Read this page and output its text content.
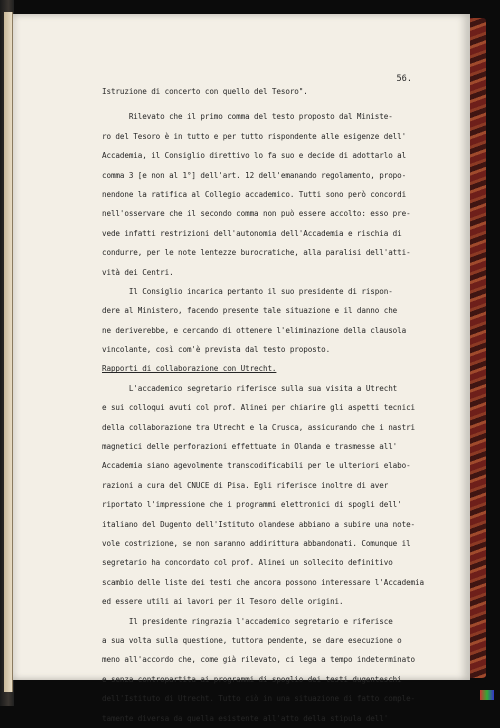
56.
Istruzione di concerto con quello del Tesoro".
Rilevato che il primo comma del testo proposto dal Ministe-
ro del Tesoro è in tutto e per tutto rispondente alle esigenze dell'
Accademia, il Consiglio direttivo lo fa suo e decide di adottarlo al
comma 3 [e non al 1°] dell'art. 12 dell'emanando regolamento, propo-
nendone la ratifica al Collegio accademico. Tutti sono però concordi
nell'osservare che il secondo comma non può essere accolto: esso pre-
vede infatti restrizioni dell'autonomia dell'Accademia e rischia di
condurre, per le note lentezze burocratiche, alla paralisi dell'atti-
vità dei Centri.
Il Consiglio incarica pertanto il suo presidente di rispon-
dere al Ministero, facendo presente tale situazione e il danno che
ne deriverebbe, e cercando di ottenere l'eliminazione della clausola
vincolante, così com'è prevista dal testo proposto.
Rapporti di collaborazione con Utrecht.
L'accademico segretario riferisce sulla sua visita a Utrecht
e sui colloqui avuti col prof. Alinei per chiarire gli aspetti tecnici
della collaborazione tra Utrecht e la Crusca, assicurando che i nastri
magnetici delle perforazioni effettuate in Olanda e trasmesse all'
Accademia siano agevolmente transcodificabili per le ulteriori elabo-
razioni a cura del CNUCE di Pisa. Egli riferisce inoltre di aver
riportato l'impressione che i programmi elettronici di spogli dell'
italiano del Dugento dell'Istituto olandese abbiano a subire una note-
vole costrizione, se non saranno addirittura abbandonati. Comunque il
segretario ha concordato col prof. Alinei un sollecito definitivo
scambio delle liste dei testi che ancora possono interessare l'Accademia
ed essere utili ai lavori per il Tesoro delle origini.
Il presidente ringrazia l'accademico segretario e riferisce
a sua volta sulla questione, tuttora pendente, se dare esecuzione o
meno all'accordo che, come già rilevato, ci lega a tempo indeterminato
e senza contropartita ai programmi di spoglio dei testi dugenteschi
dell'Istituto di Utrecht. Tutto ciò in una situazione di fatto comple-
tamente diversa da quella esistente all'atto della stipula dell'
